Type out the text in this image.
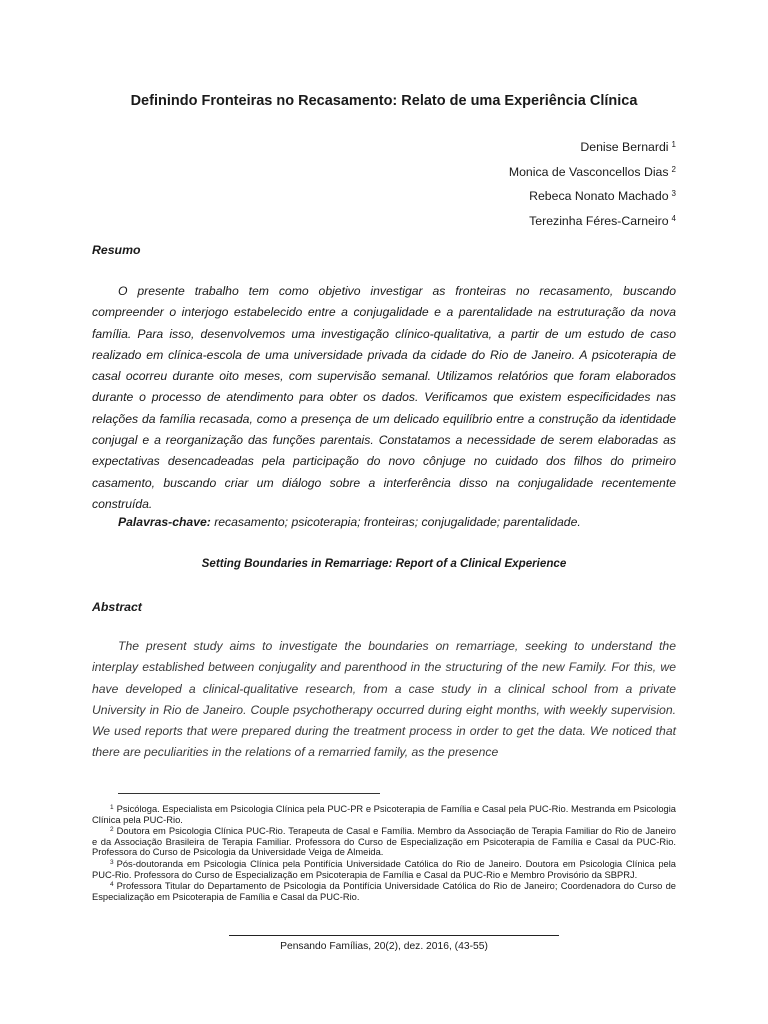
Definindo Fronteiras no Recasamento: Relato de uma Experiência Clínica
Denise Bernardi $^1$
Monica de Vasconcellos Dias $^2$
Rebeca Nonato Machado $^3$
Terezinha Féres-Carneiro $^4$
Resumo

O presente trabalho tem como objetivo investigar as fronteiras no recasamento, buscando compreender o interjogo estabelecido entre a conjugalidade e a parentalidade na estruturação da nova família. Para isso, desenvolvemos uma investigação clínico-qualitativa, a partir de um estudo de caso realizado em clínica-escola de uma universidade privada da cidade do Rio de Janeiro. A psicoterapia de casal ocorreu durante oito meses, com supervisão semanal. Utilizamos relatórios que foram elaborados durante o processo de atendimento para obter os dados. Verificamos que existem especificidades nas relações da família recasada, como a presença de um delicado equilíbrio entre a construção da identidade conjugal e a reorganização das funções parentais. Constatamos a necessidade de serem elaboradas as expectativas desencadeadas pela participação do novo cônjuge no cuidado dos filhos do primeiro casamento, buscando criar um diálogo sobre a interferência disso na conjugalidade recentemente construída.

Palavras-chave: recasamento; psicoterapia; fronteiras; conjugalidade; parentalidade.
Setting Boundaries in Remarriage: Report of a Clinical Experience
Abstract

The present study aims to investigate the boundaries on remarriage, seeking to understand the interplay established between conjugality and parenthood in the structuring of the new Family. For this, we have developed a clinical-qualitative research, from a case study in a clinical school from a private University in Rio de Janeiro. Couple psychotherapy occurred during eight months, with weekly supervision. We used reports that were prepared during the treatment process in order to get the data. We noticed that there are peculiarities in the relations of a remarried family, as the presence

$^1$ Psicóloga. Especialista em Psicologia Clínica pela PUC-PR e Psicoterapia de Família e Casal pela PUC-Rio. Mestranda em Psicologia Clínica pela PUC-Rio.

$^2$ Doutora em Psicologia Clínica PUC-Rio. Terapeuta de Casal e Família. Membro da Associação de Terapia Familiar do Rio de Janeiro e da Associação Brasileira de Terapia Familiar. Professora do Curso de Especialização em Psicoterapia de Família e Casal da PUC-Rio. Professora do Curso de Psicologia da Universidade Veiga de Almeida.

$^3$ Pós-doutoranda em Psicologia Clínica pela Pontifícia Universidade Católica do Rio de Janeiro. Doutora em Psicologia Clínica pela PUC-Rio. Professora do Curso de Especialização em Psicoterapia de Família e Casal da PUC-Rio e Membro Provisório da SBPRJ.

$^4$ Professora Titular do Departamento de Psicologia da Pontifícia Universidade Católica do Rio de Janeiro; Coordenadora do Curso de Especialização em Psicoterapia de Família e Casal da PUC-Rio.

Pensando Famílias, 20(2), dez. 2016, (43-55)
